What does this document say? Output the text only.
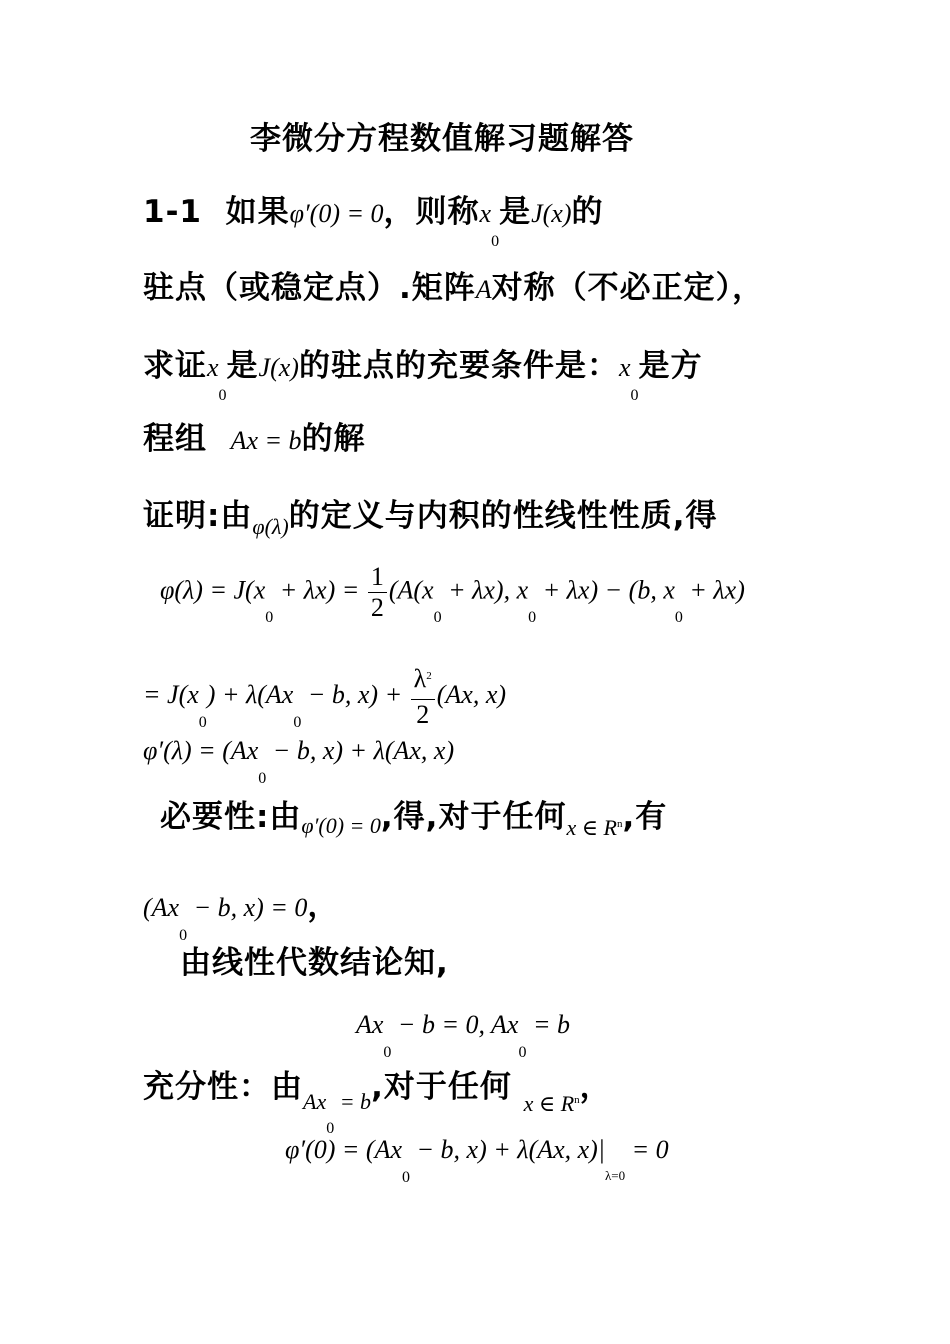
李微分方程数值解习题解答
1-1 如果φ′(0) = 0，则称$x_0$是J(x)的
驻点（或稳定点）.矩阵A对称（不必正定），
求证$x_0$是J(x)的驻点的充要条件是：$x_0$是方
程组 Ax = b的解
证明:由$_{\varphi(\lambda)}$的定义与内积的性线性性质,得
$\varphi(\lambda) = J(x_0 + \lambda x) = \frac{1}{2} (A(x_0 + \lambda x)$, $x_0 + \lambda x) - (b$, $x_0 + \lambda x$)
= $J(x_0) + \lambda(Ax_0 - b$, $x) + \frac{\lambda^2}{2} (Ax$, x)
$\varphi'(\lambda) = (Ax_0 - b$, x) + λ(Ax, x)
必要性:由φ′(0) = 0,得,对于任何$_{x \in R^n}$,有
($Ax_0 - b$, x) = 0，
由线性代数结论知,
$Ax_0 - b = 0$, $Ax_0 = b$
充分性：由$_{Ax_0 = b}$,对于任何 $_{x \in R^n}$，
$\varphi'(0) = (Ax_0 - b$, x) + λ(Ax, $x)|_{\lambda=0} = 0$
